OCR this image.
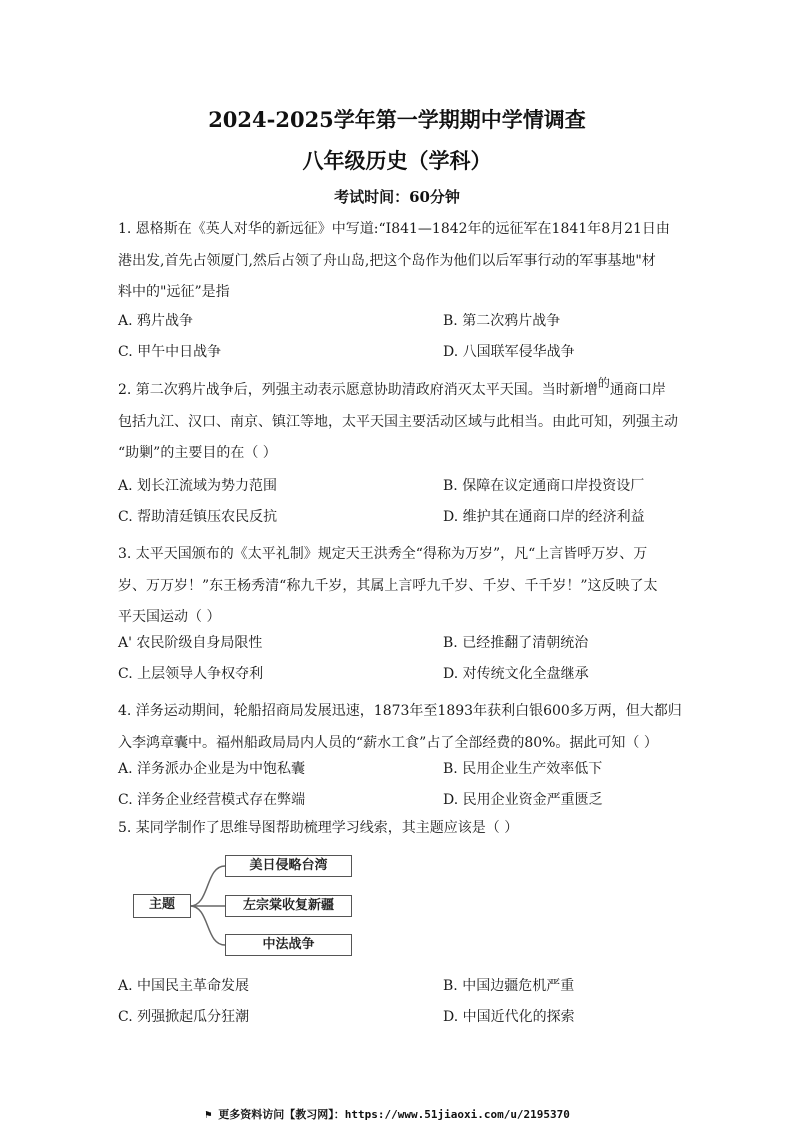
2024-2025学年第一学期期中学情调查
八年级历史（学科）
考试时间：60分钟
1. 恩格斯在《英人对华的新远征》中写道:“I841—1842年的远征军在1841年8月21日由
港出发,首先占领厦门,然后占领了舟山岛,把这个岛作为他们以后军事行动的军事基地"材
料中的"远征”是指
A. 鸦片战争	B. 第二次鸦片战争
C. 甲午中日战争	D. 八国联军侵华战争
2. 第二次鸦片战争后，列强主动表示愿意协助清政府消灭太平天国。当时新增的通商口岸
包括九江、汉口、南京、镇江等地，太平天国主要活动区域与此相当。由此可知，列强主动
“助剿”的主要目的在（ ）
A. 划长江流域为势力范围	B. 保障在议定通商口岸投资设厂
C. 帮助清廷镇压农民反抗	D. 维护其在通商口岸的经济利益
3. 太平天国颁布的《太平礼制》规定天王洪秀全“得称为万岁”，凡“上言皆呼万岁、万
岁、万万岁！”东王杨秀清“称九千岁，其属上言呼九千岁、千岁、千千岁！”这反映了太
平天国运动（ ）
A' 农民阶级自身局限性	B. 已经推翻了清朝统治
C. 上层领导人争权夺利	D. 对传统文化全盘继承
4. 洋务运动期间，轮船招商局发展迅速，1873年至1893年获利白银600多万两，但大都归
入李鸿章囊中。福州船政局局内人员的“薪水工食”占了全部经费的80%。据此可知（ ）
A. 洋务派办企业是为中饱私囊	B. 民用企业生产效率低下
C. 洋务企业经营模式存在弊端	D. 民用企业资金严重匮乏
5. 某同学制作了思维导图帮助梳理学习线索，其主题应该是（ ）
主题
美日侵略台湾
左宗棠收复新疆
中法战争
A. 中国民主革命发展	B. 中国边疆危机严重
C. 列强掀起瓜分狂潮	D. 中国近代化的探索
⚑ 更多资料访问【教习网】：https://www.51jiaoxi.com/u/2195370
